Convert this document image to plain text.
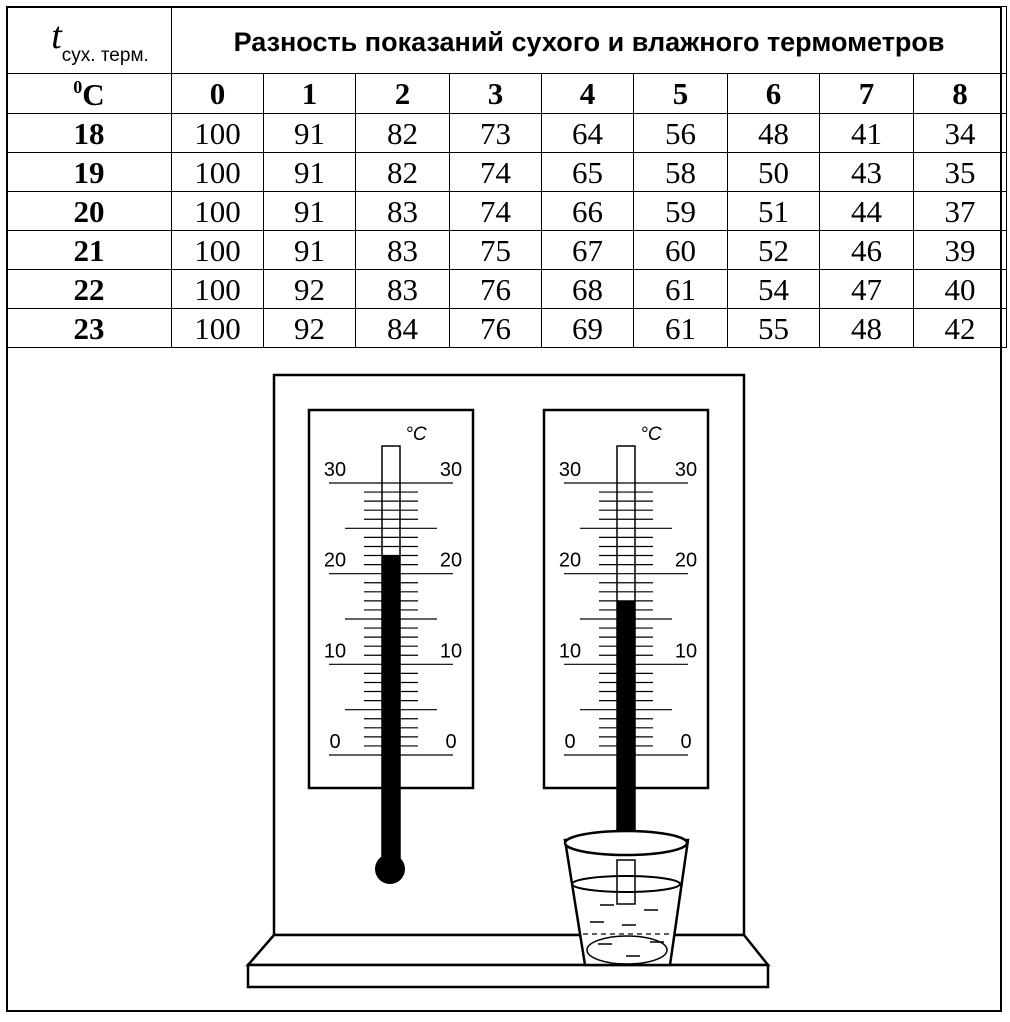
$t_{сух. терм.}$	Разность показаний сухого и влажного термометров								
$^0$C	0	1	2	3	4	5	6	7	8
18	100	91	82	73	64	56	48	41	34
19	100	91	82	74	65	58	50	43	35
20	100	91	83	74	66	59	51	44	37
21	100	91	83	75	67	60	52	46	39
22	100	92	83	76	68	61	54	47	40
23	100	92	84	76	69	61	55	48	42
°C
30	30
20	20
10	10
0	0
°C
30	30
20	20
10	10
0	0
